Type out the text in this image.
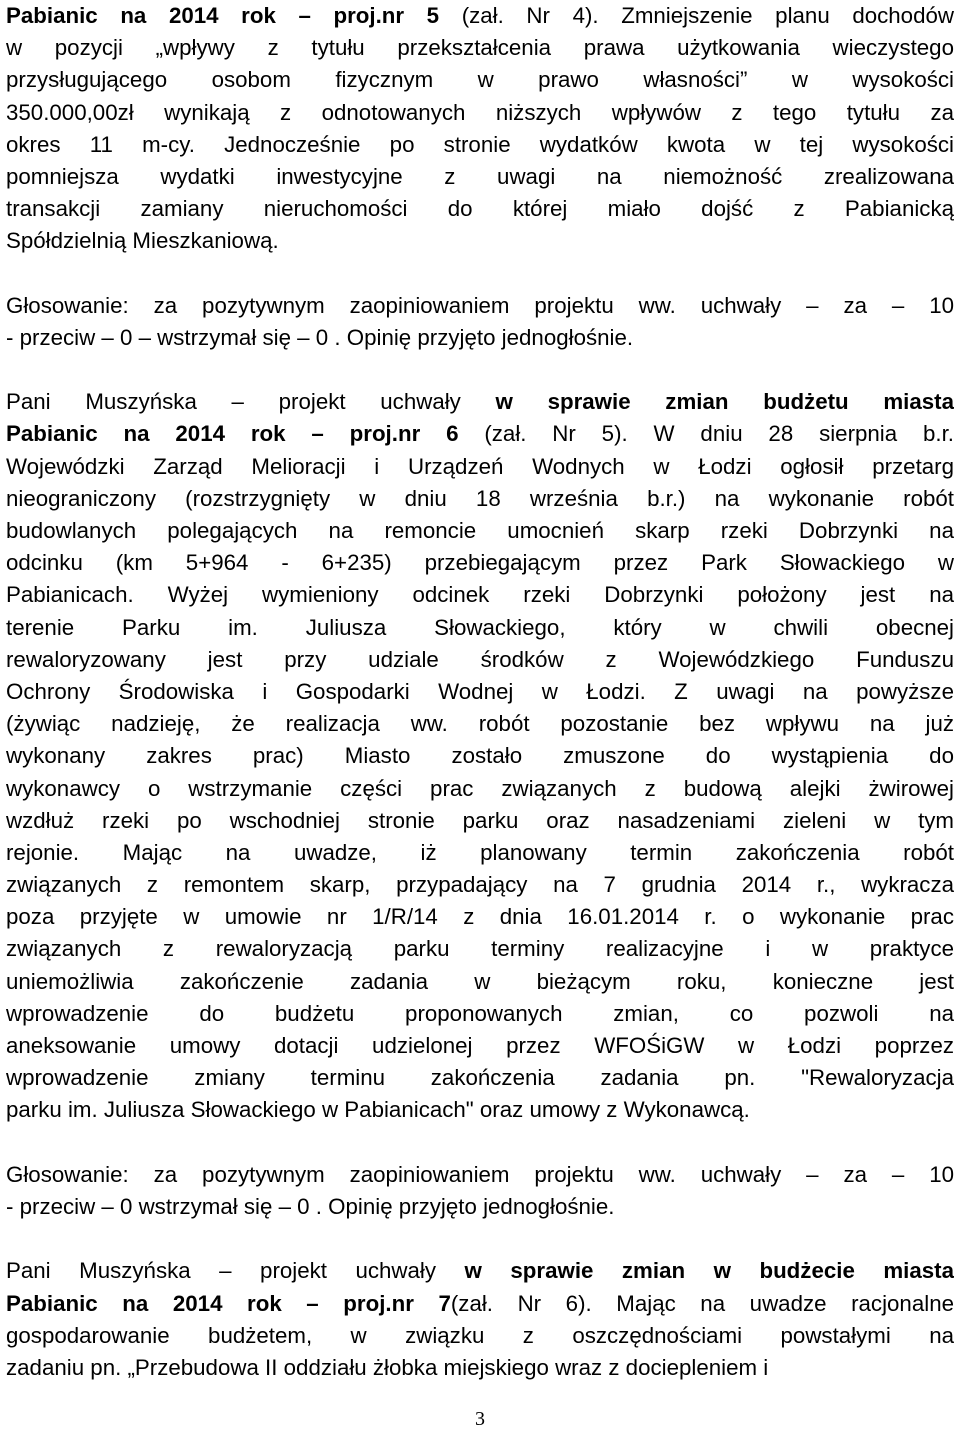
Pabianic na 2014 rok – proj.nr 5 (zał. Nr 4). Zmniejszenie planu dochodów
w pozycji „wpływy z tytułu przekształcenia prawa użytkowania wieczystego
przysługującego osobom fizycznym w prawo własności” w wysokości
350.000,00zł wynikają z odnotowanych niższych wpływów z tego tytułu za
okres 11 m-cy. Jednocześnie po stronie wydatków kwota w tej wysokości
pomniejsza wydatki inwestycyjne z uwagi na niemożność zrealizowana
transakcji zamiany nieruchomości do której miało dojść z Pabianicką
Spółdzielnią Mieszkaniową.
Głosowanie: za pozytywnym zaopiniowaniem projektu ww. uchwały – za – 10
- przeciw – 0 – wstrzymał się – 0 . Opinię przyjęto jednogłośnie.
Pani Muszyńska – projekt uchwały w sprawie zmian budżetu miasta
Pabianic na 2014 rok – proj.nr 6 (zał. Nr 5). W dniu 28 sierpnia b.r.
Wojewódzki Zarząd Melioracji i Urządzeń Wodnych w Łodzi ogłosił przetarg
nieograniczony (rozstrzygnięty w dniu 18 września b.r.) na wykonanie robót
budowlanych polegających na remoncie umocnień skarp rzeki Dobrzynki na
odcinku (km 5+964 - 6+235) przebiegającym przez Park Słowackiego w
Pabianicach. Wyżej wymieniony odcinek rzeki Dobrzynki położony jest na
terenie Parku im. Juliusza Słowackiego, który w chwili obecnej
rewaloryzowany jest przy udziale środków z Wojewódzkiego Funduszu
Ochrony Środowiska i Gospodarki Wodnej w Łodzi. Z uwagi na powyższe
(żywiąc nadzieję, że realizacja ww. robót pozostanie bez wpływu na już
wykonany zakres prac) Miasto zostało zmuszone do wystąpienia do
wykonawcy o wstrzymanie części prac związanych z budową alejki żwirowej
wzdłuż rzeki po wschodniej stronie parku oraz nasadzeniami zieleni w tym
rejonie. Mając na uwadze, iż planowany termin zakończenia robót
związanych z remontem skarp, przypadający na 7 grudnia 2014 r., wykracza
poza przyjęte w umowie nr 1/R/14 z dnia 16.01.2014 r. o wykonanie prac
związanych z rewaloryzacją parku terminy realizacyjne i w praktyce
uniemożliwia zakończenie zadania w bieżącym roku, konieczne jest
wprowadzenie do budżetu proponowanych zmian, co pozwoli na
aneksowanie umowy dotacji udzielonej przez WFOŚiGW w Łodzi poprzez
wprowadzenie zmiany terminu zakończenia zadania pn. "Rewaloryzacja
parku im. Juliusza Słowackiego w Pabianicach" oraz umowy z Wykonawcą.
Głosowanie: za pozytywnym zaopiniowaniem projektu ww. uchwały – za – 10
- przeciw – 0 wstrzymał się – 0 . Opinię przyjęto jednogłośnie.
Pani Muszyńska – projekt uchwały w sprawie zmian w budżecie miasta
Pabianic na 2014 rok – proj.nr 7(zał. Nr 6). Mając na uwadze racjonalne
gospodarowanie budżetem, w związku z oszczędnościami powstałymi na
zadaniu pn. „Przebudowa II oddziału żłobka miejskiego wraz z dociepleniem i
3
